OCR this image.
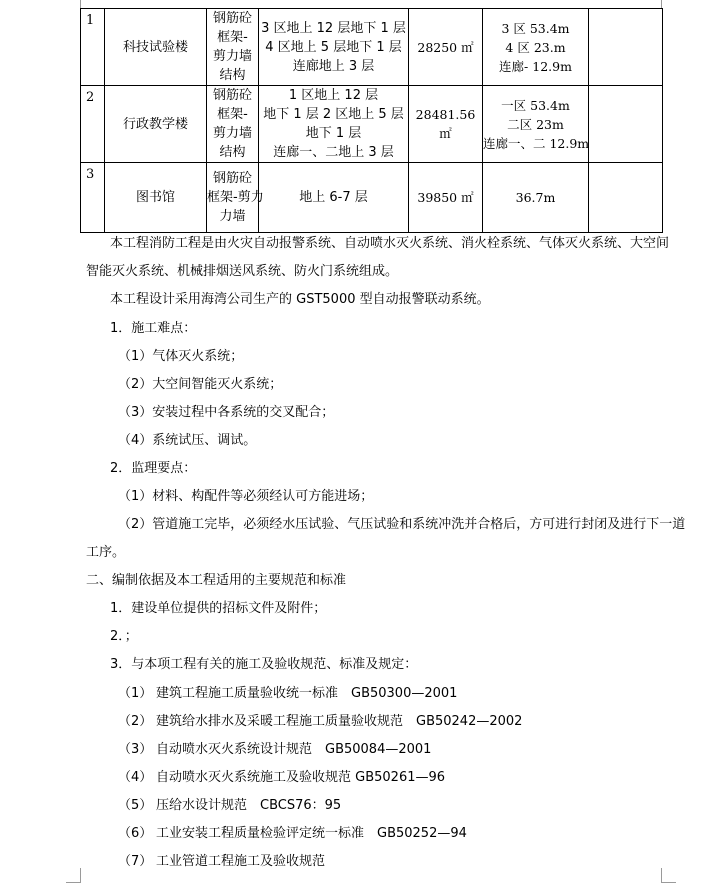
1	科技试验楼	钢筋砼
框架-
剪力墙
结构	3 区地上 12 层地下 1 层
4 区地上 5 层地下 1 层
连廊地上 3 层	28250 ㎡	3 区 53.4m
4 区 23.m
连廊- 12.9m	

2	行政教学楼	钢筋砼
框架-
剪力墙
结构	1 区地上 12 层
地下 1 层 2 区地上 5 层
地下 1 层
连廊一、二地上 3 层	28481.56
㎡	一区 53.4m
二区 23m
连廊一、二 12.9m	

3	图书馆	钢筋砼
框架-剪力
力墙	地上 6-7 层	39850 ㎡	36.7m	

本工程消防工程是由火灾自动报警系统、自动喷水灭火系统、消火栓系统、气体灭火系统、大空间
智能灭火系统、机械排烟送风系统、防火门系统组成。
本工程设计采用海湾公司生产的 GST5000 型自动报警联动系统。
1．施工难点：
（1）气体灭火系统；
（2）大空间智能灭火系统；
（3）安装过程中各系统的交叉配合；
（4）系统试压、调试。
2．监理要点：
（1）材料、构配件等必须经认可方能进场；
（2）管道施工完毕，必须经水压试验、气压试验和系统冲洗并合格后，方可进行封闭及进行下一道
工序。
二、编制依据及本工程适用的主要规范和标准
1．建设单位提供的招标文件及附件；
2．；
3．与本项工程有关的施工及验收规范、标准及规定：
（1） 建筑工程施工质量验收统一标准　GB50300—2001
（2） 建筑给水排水及采暖工程施工质量验收规范　GB50242—2002
（3） 自动喷水灭火系统设计规范　GB50084—2001
（4） 自动喷水灭火系统施工及验收规范 GB50261—96
（5） 压给水设计规范　CBCS76：95
（6） 工业安装工程质量检验评定统一标准　GB50252—94
（7） 工业管道工程施工及验收规范
